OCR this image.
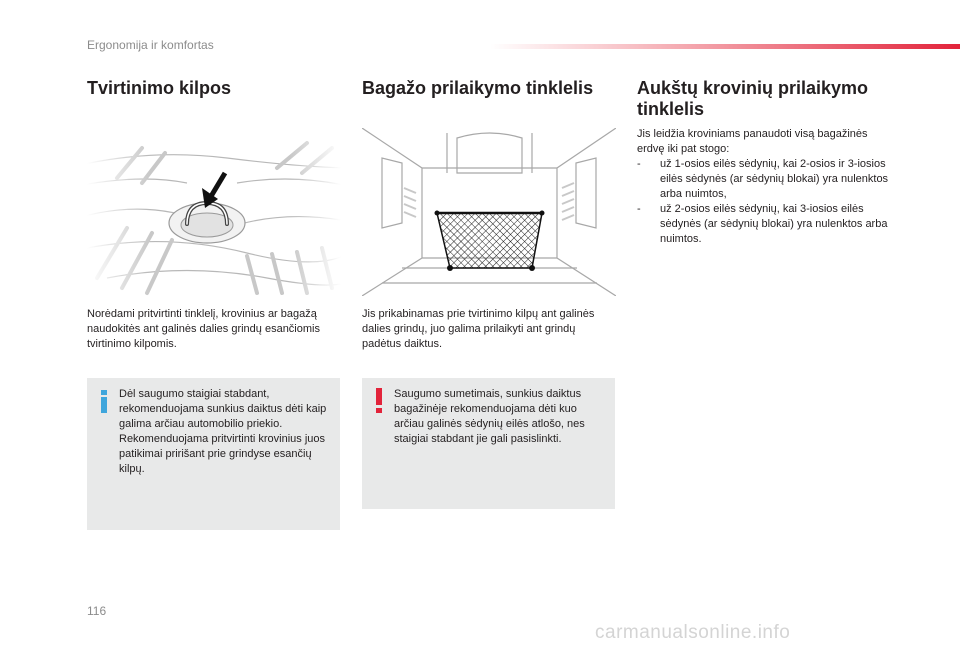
Ergonomija ir komfortas
Tvirtinimo kilpos
Norėdami pritvirtinti tinklelį, krovinius ar bagažą naudokitės ant galinės dalies grindų esančiomis tvirtinimo kilpomis.
Dėl saugumo staigiai stabdant, rekomenduojama sunkius daiktus dėti kaip galima arčiau automobilio priekio. Rekomenduojama pritvirtinti krovinius juos patikimai pririšant prie grindyse esančių kilpų.
Bagažo prilaikymo tinklelis
Jis prikabinamas prie tvirtinimo kilpų ant galinės dalies grindų, juo galima prilaikyti ant grindų padėtus daiktus.
Saugumo sumetimais, sunkius daiktus bagažinėje rekomenduojama dėti kuo arčiau galinės sėdynių eilės atlošo, nes staigiai stabdant jie gali pasislinkti.
Aukštų krovinių prilaikymo tinklelis
Jis leidžia kroviniams panaudoti visą bagažinės erdvę iki pat stogo:
- už 1-osios eilės sėdynių, kai 2-osios ir 3-iosios eilės sėdynės (ar sėdynių blokai) yra nulenktos arba nuimtos,
- už 2-osios eilės sėdynių, kai 3-iosios eilės sėdynės (ar sėdynių blokai) yra nulenktos arba nuimtos.
116
carmanualsonline.info
